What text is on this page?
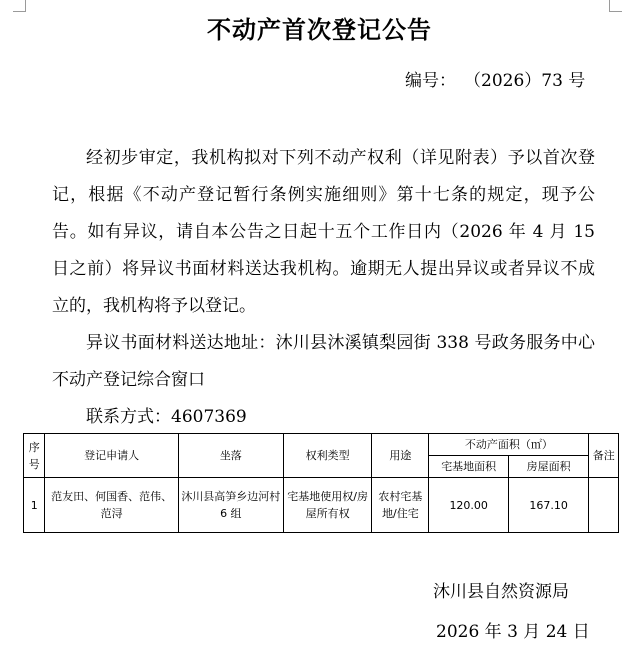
不动产首次登记公告
编号： （2026）73 号

经初步审定，我机构拟对下列不动产权利（详见附表）予以首次登记，根据《不动产登记暂行条例实施细则》第十七条的规定，现予公告。如有异议，请自本公告之日起十五个工作日内（2026 年 4 月 15 日之前）将异议书面材料送达我机构。逾期无人提出异议或者异议不成立的，我机构将予以登记。

异议书面材料送达地址：沐川县沐溪镇梨园街 338 号政务服务中心不动产登记综合窗口

联系方式：4607369

序号	登记申请人	坐落	权利类型	用途	不动产面积（㎡）		备注
					宅基地面积	房屋面积	
1	范友田、何国香、范伟、范浔	沐川县高笋乡边河村 6 组	宅基地使用权/房屋所有权	农村宅基地/住宅	120.00	167.10	
沐川县自然资源局
2026 年 3 月 24 日
